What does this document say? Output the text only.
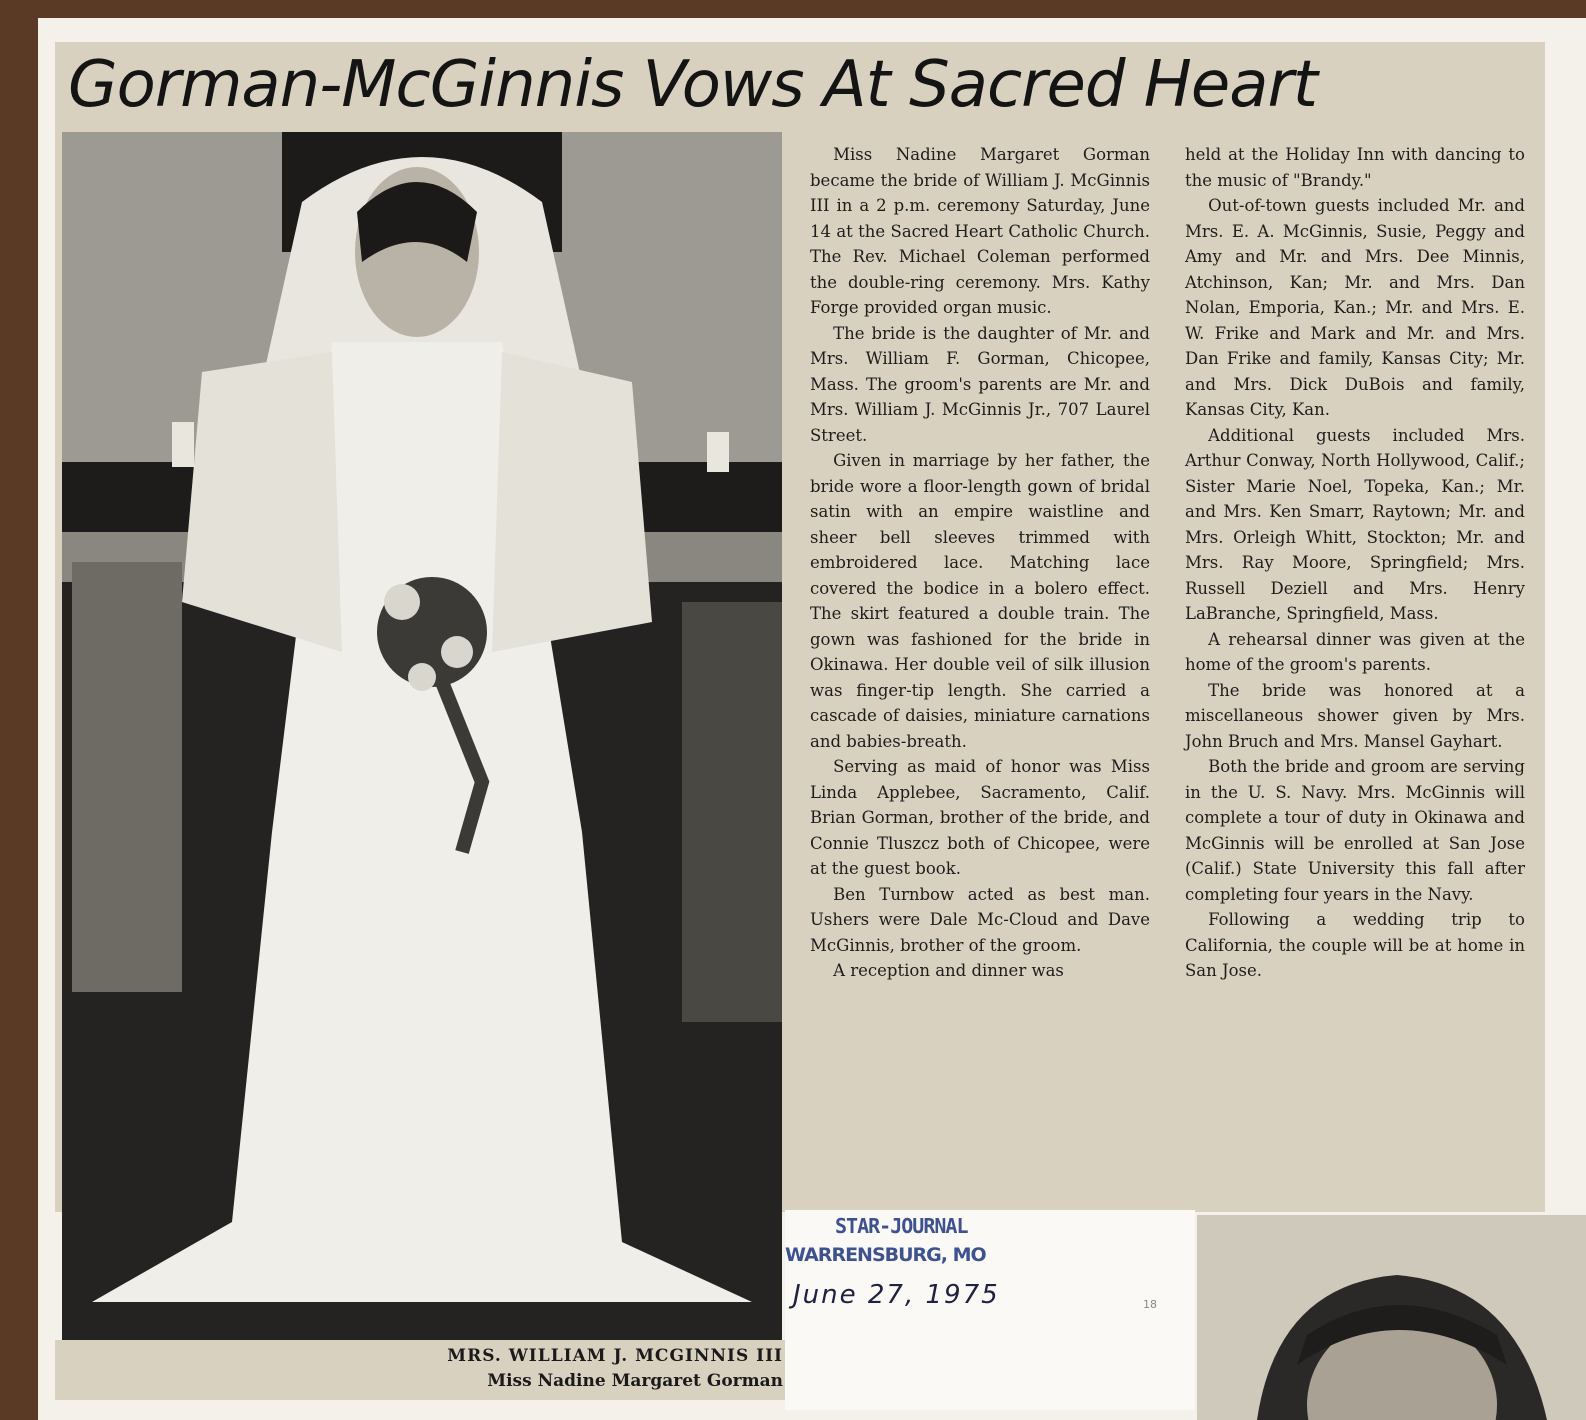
Gorman-McGinnis Vows At Sacred Heart
MRS. WILLIAM J. MCGINNIS III
Miss Nadine Margaret Gorman

Miss Nadine Margaret Gorman became the bride of William J. McGinnis III in a 2 p.m. ceremony Saturday, June 14 at the Sacred Heart Catholic Church. The Rev. Michael Coleman performed the double-ring ceremony. Mrs. Kathy Forge provided organ music.

The bride is the daughter of Mr. and Mrs. William F. Gorman, Chicopee, Mass. The groom's parents are Mr. and Mrs. William J. McGinnis Jr., 707 Laurel Street.

Given in marriage by her father, the bride wore a floor-length gown of bridal satin with an empire waistline and sheer bell sleeves trimmed with embroidered lace. Matching lace covered the bodice in a bolero effect. The skirt featured a double train. The gown was fashioned for the bride in Okinawa. Her double veil of silk illusion was finger-tip length. She carried a cascade of daisies, miniature carnations and babies-breath.

Serving as maid of honor was Miss Linda Applebee, Sacramento, Calif. Brian Gorman, brother of the bride, and Connie Tluszcz both of Chicopee, were at the guest book.

Ben Turnbow acted as best man. Ushers were Dale Mc-Cloud and Dave McGinnis, brother of the groom.

A reception and dinner was

held at the Holiday Inn with dancing to the music of "Brandy."

Out-of-town guests included Mr. and Mrs. E. A. McGinnis, Susie, Peggy and Amy and Mr. and Mrs. Dee Minnis, Atchinson, Kan; Mr. and Mrs. Dan Nolan, Emporia, Kan.; Mr. and Mrs. E. W. Frike and Mark and Mr. and Mrs. Dan Frike and family, Kansas City; Mr. and Mrs. Dick DuBois and family, Kansas City, Kan.

Additional guests included Mrs. Arthur Conway, North Hollywood, Calif.; Sister Marie Noel, Topeka, Kan.; Mr. and Mrs. Ken Smarr, Raytown; Mr. and Mrs. Orleigh Whitt, Stockton; Mr. and Mrs. Ray Moore, Springfield; Mrs. Russell Deziell and Mrs. Henry LaBranche, Springfield, Mass.

A rehearsal dinner was given at the home of the groom's parents.

The bride was honored at a miscellaneous shower given by Mrs. John Bruch and Mrs. Mansel Gayhart.

Both the bride and groom are serving in the U. S. Navy. Mrs. McGinnis will complete a tour of duty in Okinawa and McGinnis will be enrolled at San Jose (Calif.) State University this fall after completing four years in the Navy.

Following a wedding trip to California, the couple will be at home in San Jose.

STAR-JOURNAL
WARRENSBURG, MO
June 27, 1975	18
